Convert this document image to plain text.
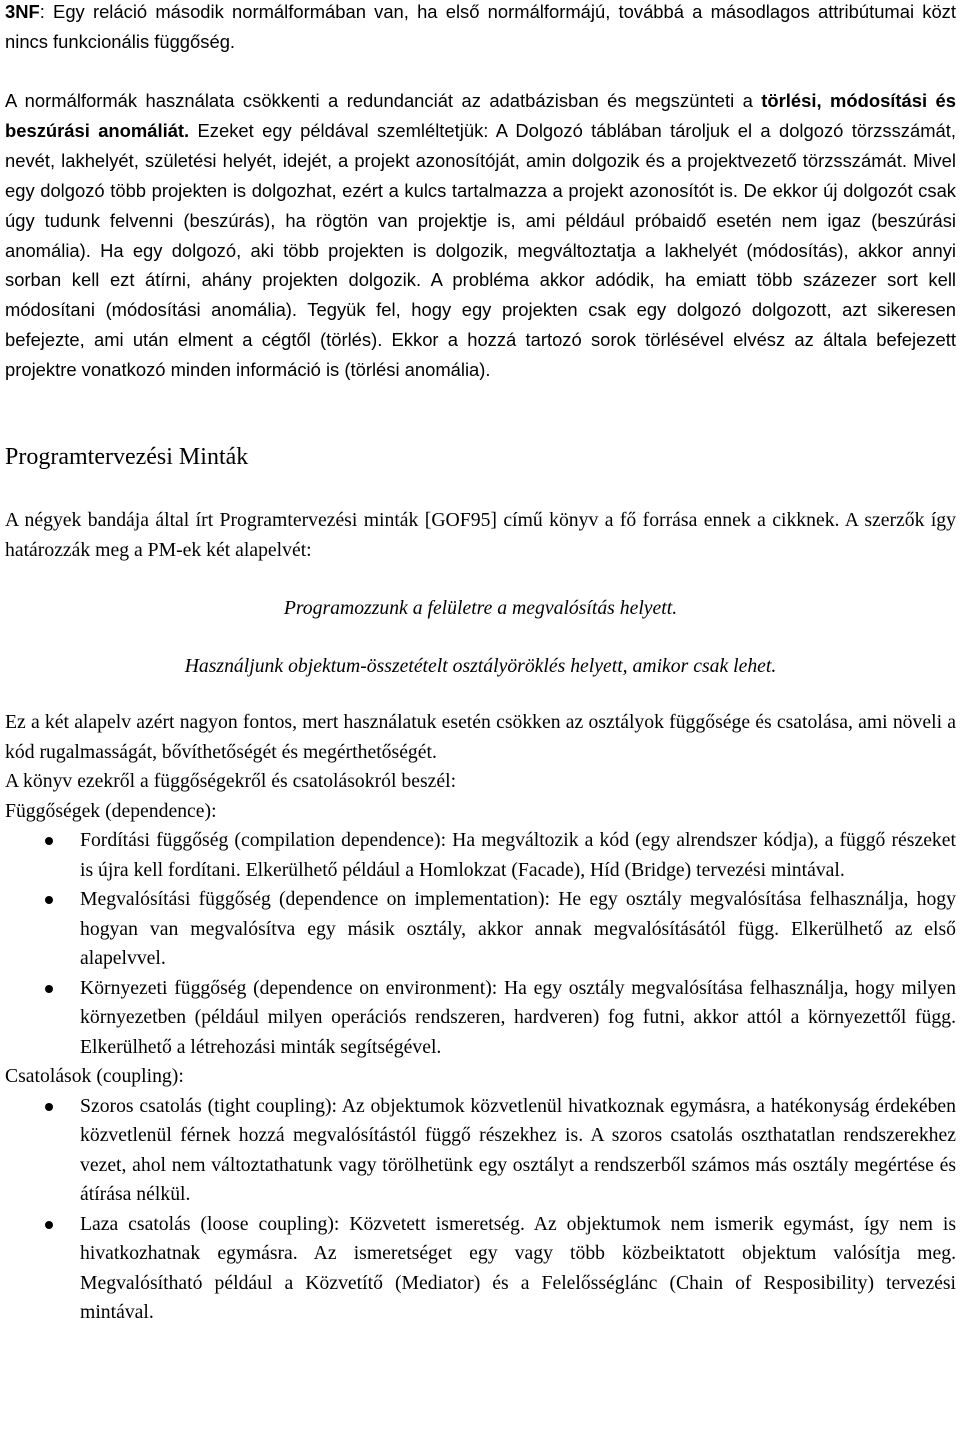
3NF: Egy reláció második normálformában van, ha első normálformájú, továbbá a másodlagos attribútumai közt nincs funkcionális függőség.

A normálformák használata csökkenti a redundanciát az adatbázisban és megszünteti a törlési, módosítási és beszúrási anomáliát. Ezeket egy példával szemléltetjük: A Dolgozó táblában tároljuk el a dolgozó törzsszámát, nevét, lakhelyét, születési helyét, idejét, a projekt azonosítóját, amin dolgozik és a projektvezető törzsszámát. Mivel egy dolgozó több projekten is dolgozhat, ezért a kulcs tartalmazza a projekt azonosítót is. De ekkor új dolgozót csak úgy tudunk felvenni (beszúrás), ha rögtön van projektje is, ami például próbaidő esetén nem igaz (beszúrási anomália). Ha egy dolgozó, aki több projekten is dolgozik, megváltoztatja a lakhelyét (módosítás), akkor annyi sorban kell ezt átírni, ahány projekten dolgozik. A probléma akkor adódik, ha emiatt több százezer sort kell módosítani (módosítási anomália). Tegyük fel, hogy egy projekten csak egy dolgozó dolgozott, azt sikeresen befejezte, ami után elment a cégtől (törlés). Ekkor a hozzá tartozó sorok törlésével elvész az általa befejezett projektre vonatkozó minden információ is (törlési anomália).

Programtervezési Minták

A négyek bandája által írt Programtervezési minták [GOF95] című könyv a fő forrása ennek a cikknek. A szerzők így határozzák meg a PM-ek két alapelvét:

Programozzunk a felületre a megvalósítás helyett.

Használjunk objektum-összetételt osztályöröklés helyett, amikor csak lehet.

Ez a két alapelv azért nagyon fontos, mert használatuk esetén csökken az osztályok függősége és csatolása, ami növeli a kód rugalmasságát, bővíthetőségét és megérthetőségét.

A könyv ezekről a függőségekről és csatolásokról beszél:

Függőségek (dependence):

Fordítási függőség (compilation dependence): Ha megváltozik a kód (egy alrendszer kódja), a függő részeket is újra kell fordítani. Elkerülhető például a Homlokzat (Facade), Híd (Bridge) tervezési mintával.
Megvalósítási függőség (dependence on implementation): He egy osztály megvalósítása felhasználja, hogy hogyan van megvalósítva egy másik osztály, akkor annak megvalósításától függ. Elkerülhető az első alapelvvel.
Környezeti függőség (dependence on environment): Ha egy osztály megvalósítása felhasználja, hogy milyen környezetben (például milyen operációs rendszeren, hardveren) fog futni, akkor attól a környezettől függ. Elkerülhető a létrehozási minták segítségével.

Csatolások (coupling):

Szoros csatolás (tight coupling): Az objektumok közvetlenül hivatkoznak egymásra, a hatékonyság érdekében közvetlenül férnek hozzá megvalósítástól függő részekhez is. A szoros csatolás oszthatatlan rendszerekhez vezet, ahol nem változtathatunk vagy törölhetünk egy osztályt a rendszerből számos más osztály megértése és átírása nélkül.
Laza csatolás (loose coupling): Közvetett ismeretség. Az objektumok nem ismerik egymást, így nem is hivatkozhatnak egymásra. Az ismeretséget egy vagy több közbeiktatott objektum valósítja meg. Megvalósítható például a Közvetítő (Mediator) és a Felelősséglánc (Chain of Resposibility) tervezési mintával.
